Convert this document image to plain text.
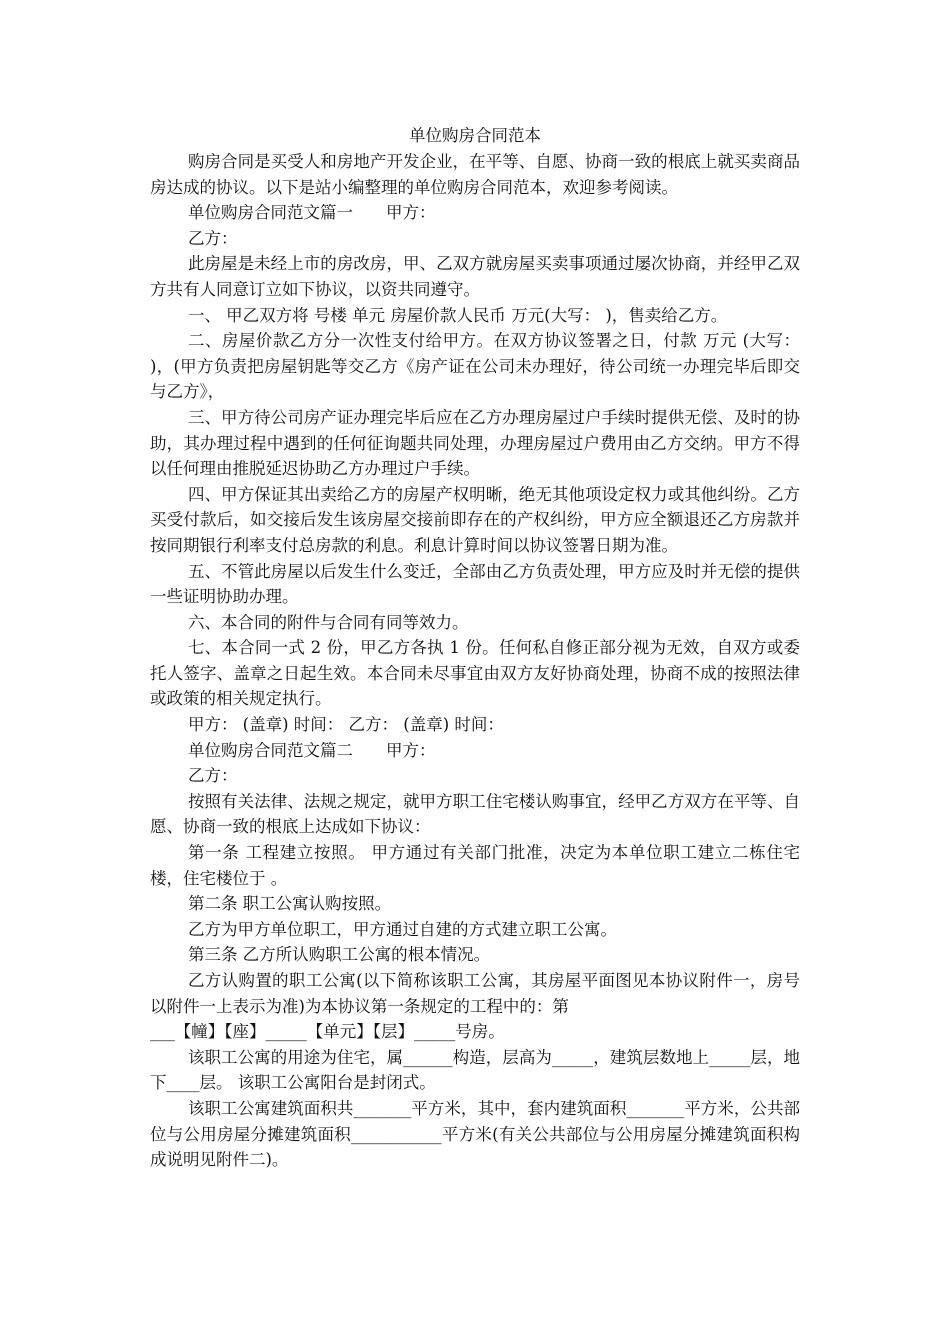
单位购房合同范本

购房合同是买受人和房地产开发企业，在平等、自愿、协商一致的根底上就买卖商品房达成的协议。以下是站小编整理的单位购房合同范本，欢迎参考阅读。

单位购房合同范文篇一　　甲方：

乙方：

此房屋是未经上市的房改房，甲、乙双方就房屋买卖事项通过屡次协商，并经甲乙双方共有人同意订立如下协议，以资共同遵守。

一、 甲乙双方将 号楼 单元 房屋价款人民币 万元(大写： )，售卖给乙方。

二、房屋价款乙方分一次性支付给甲方。在双方协议签署之日，付款 万元 (大写： )，(甲方负责把房屋钥匙等交乙方《房产证在公司未办理好，待公司统一办理完毕后即交与乙方》，

三、甲方待公司房产证办理完毕后应在乙方办理房屋过户手续时提供无偿、及时的协助，其办理过程中遇到的任何征询题共同处理，办理房屋过户费用由乙方交纳。甲方不得以任何理由推脱延迟协助乙方办理过户手续。

四、甲方保证其出卖给乙方的房屋产权明晰，绝无其他项设定权力或其他纠纷。乙方买受付款后，如交接后发生该房屋交接前即存在的产权纠纷，甲方应全额退还乙方房款并按同期银行利率支付总房款的利息。利息计算时间以协议签署日期为准。

五、不管此房屋以后发生什么变迁，全部由乙方负责处理，甲方应及时并无偿的提供一些证明协助办理。

六、本合同的附件与合同有同等效力。

七、本合同一式 2 份，甲乙方各执 1 份。任何私自修正部分视为无效，自双方或委托人签字、盖章之日起生效。本合同未尽事宜由双方友好协商处理，协商不成的按照法律或政策的相关规定执行。

甲方： (盖章) 时间： 乙方： (盖章) 时间：

单位购房合同范文篇二　　甲方：

乙方：

按照有关法律、法规之规定，就甲方职工住宅楼认购事宜，经甲乙方双方在平等、自愿、协商一致的根底上达成如下协议：

第一条 工程建立按照。 甲方通过有关部门批准，决定为本单位职工建立二栋住宅楼，住宅楼位于 。

第二条 职工公寓认购按照。

乙方为甲方单位职工，甲方通过自建的方式建立职工公寓。

第三条 乙方所认购职工公寓的根本情况。

乙方认购置的职工公寓(以下简称该职工公寓，其房屋平面图见本协议附件一，房号以附件一上表示为准)为本协议第一条规定的工程中的：第

___【幢】【座】_____【单元】【层】_____号房。

该职工公寓的用途为住宅，属______构造，层高为_____，建筑层数地上_____层，地下____层。 该职工公寓阳台是封闭式。

该职工公寓建筑面积共_______平方米，其中，套内建筑面积_______平方米，公共部位与公用房屋分摊建筑面积___________平方米(有关公共部位与公用房屋分摊建筑面积构成说明见附件二)。
